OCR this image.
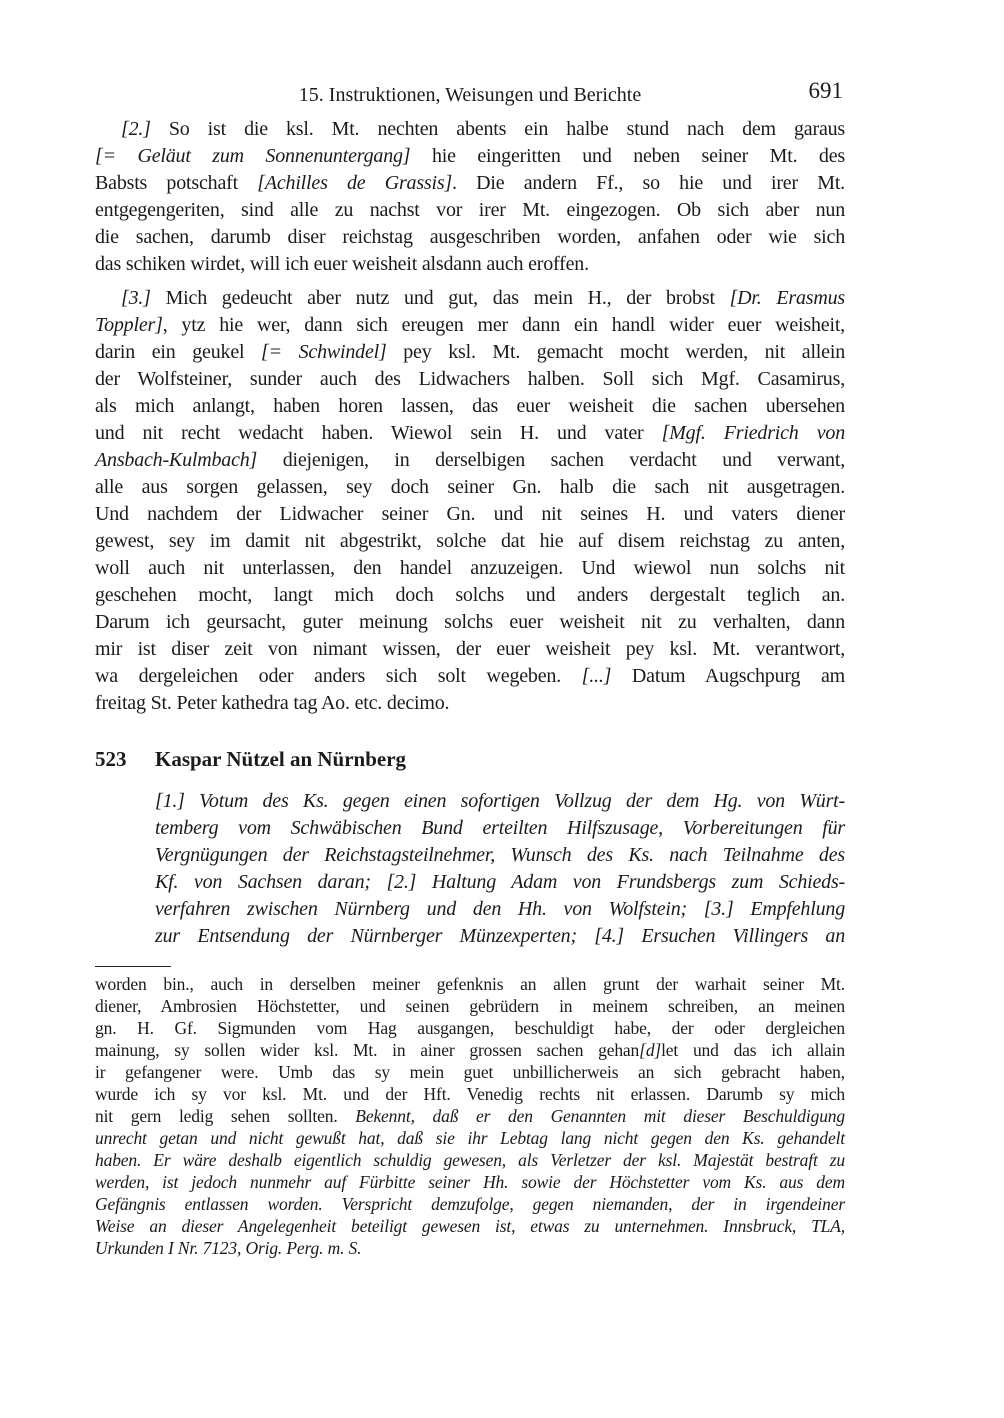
15. Instruktionen, Weisungen und Berichte	691
[2.] So ist die ksl. Mt. nechten abents ein halbe stund nach dem garaus
[= Geläut zum Sonnenuntergang] hie eingeritten und neben seiner Mt. des
Babsts potschaft [Achilles de Grassis]. Die andern Ff., so hie und irer Mt.
entgegengeriten, sind alle zu nachst vor irer Mt. eingezogen. Ob sich aber nun
die sachen, darumb diser reichstag ausgeschriben worden, anfahen oder wie sich
das schiken wirdet, will ich euer weisheit alsdann auch eroffen.
[3.] Mich gedeucht aber nutz und gut, das mein H., der brobst [Dr. Erasmus
Toppler], ytz hie wer, dann sich ereugen mer dann ein handl wider euer weisheit,
darin ein geukel [= Schwindel] pey ksl. Mt. gemacht mocht werden, nit allein
der Wolfsteiner, sunder auch des Lidwachers halben. Soll sich Mgf. Casamirus,
als mich anlangt, haben horen lassen, das euer weisheit die sachen ubersehen
und nit recht wedacht haben. Wiewol sein H. und vater [Mgf. Friedrich von
Ansbach-Kulmbach] diejenigen, in derselbigen sachen verdacht und verwant,
alle aus sorgen gelassen, sey doch seiner Gn. halb die sach nit ausgetragen.
Und nachdem der Lidwacher seiner Gn. und nit seines H. und vaters diener
gewest, sey im damit nit abgestrikt, solche dat hie auf disem reichstag zu anten,
woll auch nit unterlassen, den handel anzuzeigen. Und wiewol nun solchs nit
geschehen mocht, langt mich doch solchs und anders dergestalt teglich an.
Darum ich geursacht, guter meinung solchs euer weisheit nit zu verhalten, dann
mir ist diser zeit von nimant wissen, der euer weisheit pey ksl. Mt. verantwort,
wa dergeleichen oder anders sich solt wegeben. [...] Datum Augschpurg am
freitag St. Peter kathedra tag Ao. etc. decimo.
523 Kaspar Nützel an Nürnberg
[1.] Votum des Ks. gegen einen sofortigen Vollzug der dem Hg. von Würt-
temberg vom Schwäbischen Bund erteilten Hilfszusage, Vorbereitungen für
Vergnügungen der Reichstagsteilnehmer, Wunsch des Ks. nach Teilnahme des
Kf. von Sachsen daran; [2.] Haltung Adam von Frundsbergs zum Schieds-
verfahren zwischen Nürnberg und den Hh. von Wolfstein; [3.] Empfehlung
zur Entsendung der Nürnberger Münzexperten; [4.] Ersuchen Villingers an
worden bin., auch in derselben meiner gefenknis an allen grunt der warhait seiner Mt.
diener, Ambrosien Höchstetter, und seinen gebrüdern in meinem schreiben, an meinen
gn. H. Gf. Sigmunden vom Hag ausgangen, beschuldigt habe, der oder dergleichen
mainung, sy sollen wider ksl. Mt. in ainer grossen sachen gehan[d]let und das ich allain
ir gefangener were. Umb das sy mein guet unbillicherweis an sich gebracht haben,
wurde ich sy vor ksl. Mt. und der Hft. Venedig rechts nit erlassen. Darumb sy mich
nit gern ledig sehen sollten. Bekennt, daß er den Genannten mit dieser Beschuldigung
unrecht getan und nicht gewußt hat, daß sie ihr Lebtag lang nicht gegen den Ks. gehandelt
haben. Er wäre deshalb eigentlich schuldig gewesen, als Verletzer der ksl. Majestät bestraft zu
werden, ist jedoch nunmehr auf Fürbitte seiner Hh. sowie der Höchstetter vom Ks. aus dem
Gefängnis entlassen worden. Verspricht demzufolge, gegen niemanden, der in irgendeiner
Weise an dieser Angelegenheit beteiligt gewesen ist, etwas zu unternehmen. Innsbruck, TLA,
Urkunden I Nr. 7123, Orig. Perg. m. S.
